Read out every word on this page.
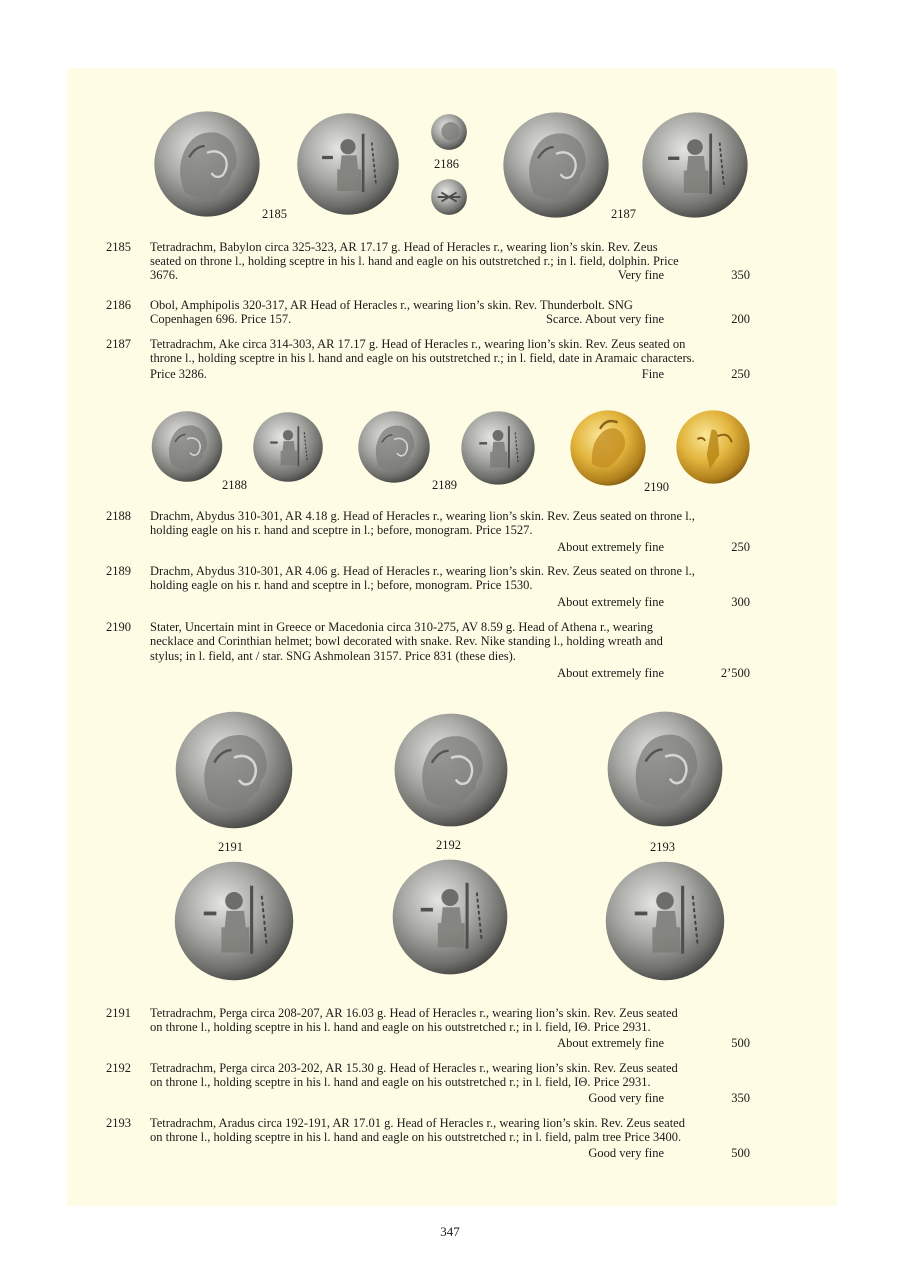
2185
2186
2187
2185	Tetradrachm, Babylon circa 325-323, AR 17.17 g. Head of Heracles r., wearing lion’s skin. Rev. Zeus
seated on throne l., holding sceptre in his l. hand and eagle on his outstretched r.; in l. field, dolphin. Price
3676.	Very fine	350
2186	Obol, Amphipolis 320-317, AR Head of Heracles r., wearing lion’s skin. Rev. Thunderbolt. SNG
Copenhagen 696. Price 157.	Scarce. About very fine	200
2187	Tetradrachm, Ake circa 314-303, AR 17.17 g. Head of Heracles r., wearing lion’s skin. Rev. Zeus seated on
throne l., holding sceptre in his l. hand and eagle on his outstretched r.; in l. field, date in Aramaic characters.
Price 3286.	Fine	250
2188	2189	2190
2188	Drachm, Abydus 310-301, AR 4.18 g. Head of Heracles r., wearing lion’s skin. Rev. Zeus seated on throne l.,
holding eagle on his r. hand and sceptre in l.; before, monogram. Price 1527.
About extremely fine	250
2189	Drachm, Abydus 310-301, AR 4.06 g. Head of Heracles r., wearing lion’s skin. Rev. Zeus seated on throne l.,
holding eagle on his r. hand and sceptre in l.; before, monogram. Price 1530.
About extremely fine	300
2190	Stater, Uncertain mint in Greece or Macedonia circa 310-275, AV 8.59 g. Head of Athena r., wearing
necklace and Corinthian helmet; bowl decorated with snake. Rev. Nike standing l., holding wreath and
stylus; in l. field, ant / star. SNG Ashmolean 3157. Price 831 (these dies).
About extremely fine	2’500
2191	2192	2193
2191	Tetradrachm, Perga circa 208-207, AR 16.03 g. Head of Heracles r., wearing lion’s skin. Rev. Zeus seated
on throne l., holding sceptre in his l. hand and eagle on his outstretched r.; in l. field, ΙΘ. Price 2931.
About extremely fine	500
2192	Tetradrachm, Perga circa 203-202, AR 15.30 g. Head of Heracles r., wearing lion’s skin. Rev. Zeus seated
on throne l., holding sceptre in his l. hand and eagle on his outstretched r.; in l. field, ΙΘ. Price 2931.
Good very fine	350
2193	Tetradrachm, Aradus circa 192-191, AR 17.01 g. Head of Heracles r., wearing lion’s skin. Rev. Zeus seated
on throne l., holding sceptre in his l. hand and eagle on his outstretched r.; in l. field, palm tree Price 3400.
Good very fine	500
347
